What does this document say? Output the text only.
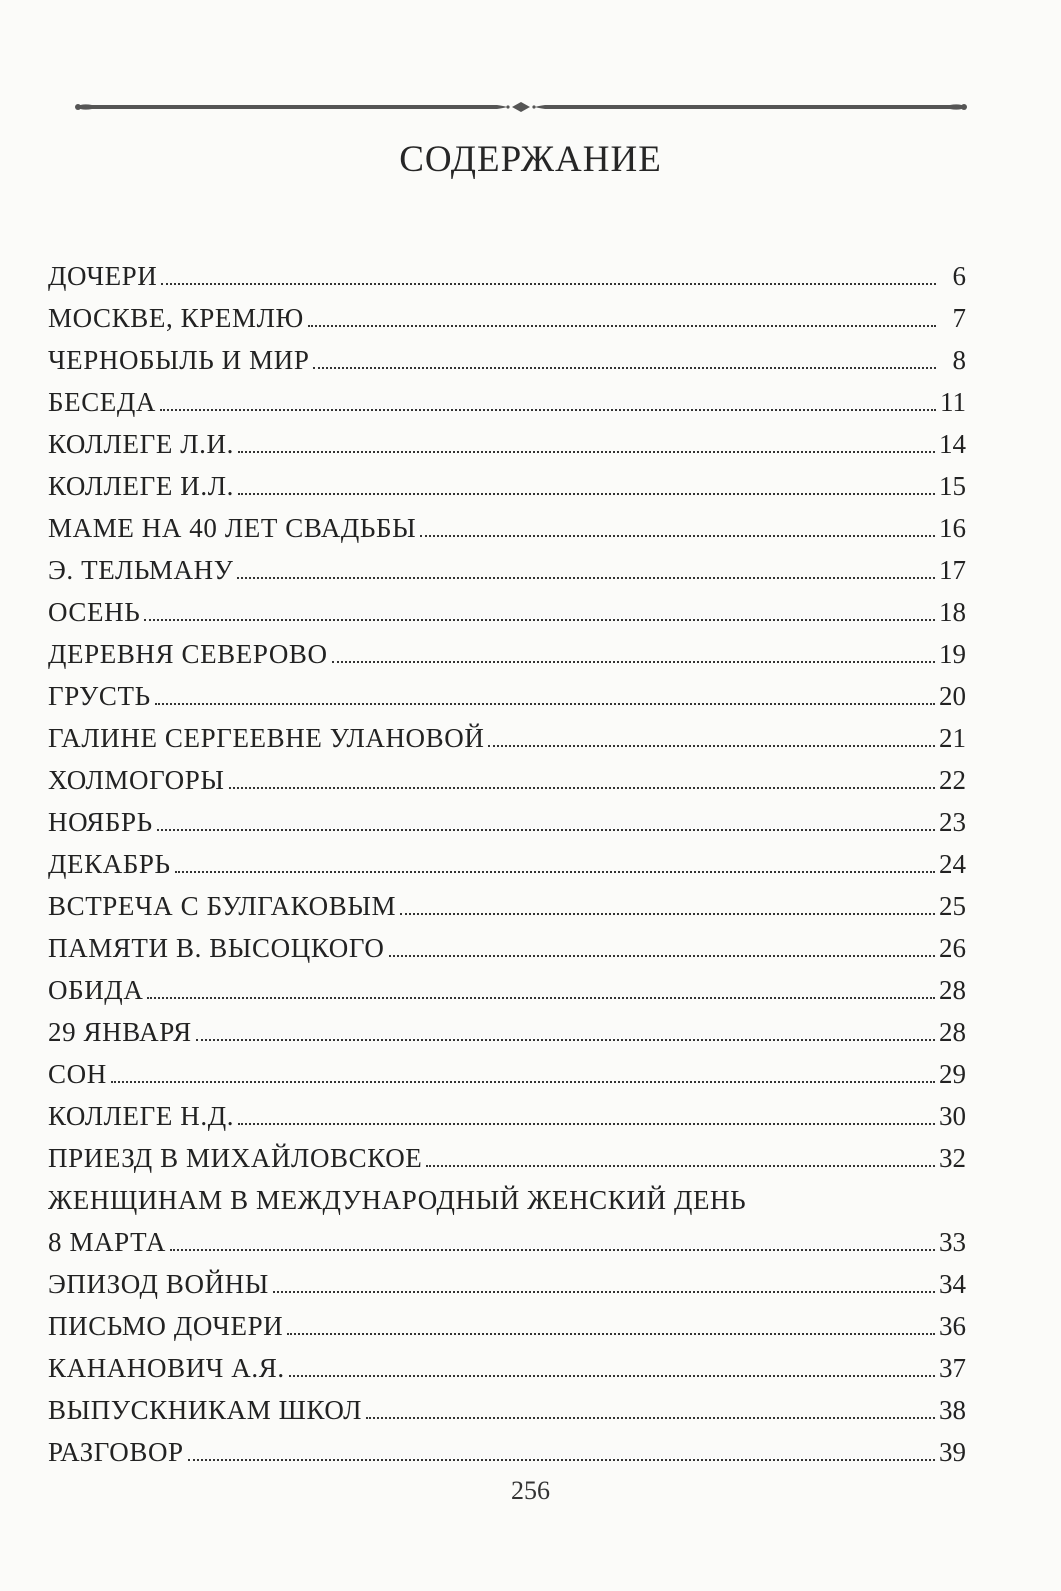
СОДЕРЖАНИЕ
ДОЧЕРИ	6
МОСКВЕ, КРЕМЛЮ	7
ЧЕРНОБЫЛЬ И МИР	8
БЕСЕДА	11
КОЛЛЕГЕ Л.И.	14
КОЛЛЕГЕ И.Л.	15
МАМЕ НА 40 ЛЕТ СВАДЬБЫ	16
Э. ТЕЛЬМАНУ	17
ОСЕНЬ	18
ДЕРЕВНЯ СЕВЕРОВО	19
ГРУСТЬ	20
ГАЛИНЕ СЕРГЕЕВНЕ УЛАНОВОЙ	21
ХОЛМОГОРЫ	22
НОЯБРЬ	23
ДЕКАБРЬ	24
ВСТРЕЧА С БУЛГАКОВЫМ	25
ПАМЯТИ В. ВЫСОЦКОГО	26
ОБИДА	28
29 ЯНВАРЯ	28
СОН	29
КОЛЛЕГЕ Н.Д.	30
ПРИЕЗД В МИХАЙЛОВСКОЕ	32
ЖЕНЩИНАМ В МЕЖДУНАРОДНЫЙ ЖЕНСКИЙ ДЕНЬ
8 МАРТА	33
ЭПИЗОД ВОЙНЫ	34
ПИСЬМО ДОЧЕРИ	36
КАНАНОВИЧ А.Я.	37
ВЫПУСКНИКАМ ШКОЛ	38
РАЗГОВОР	39
256
